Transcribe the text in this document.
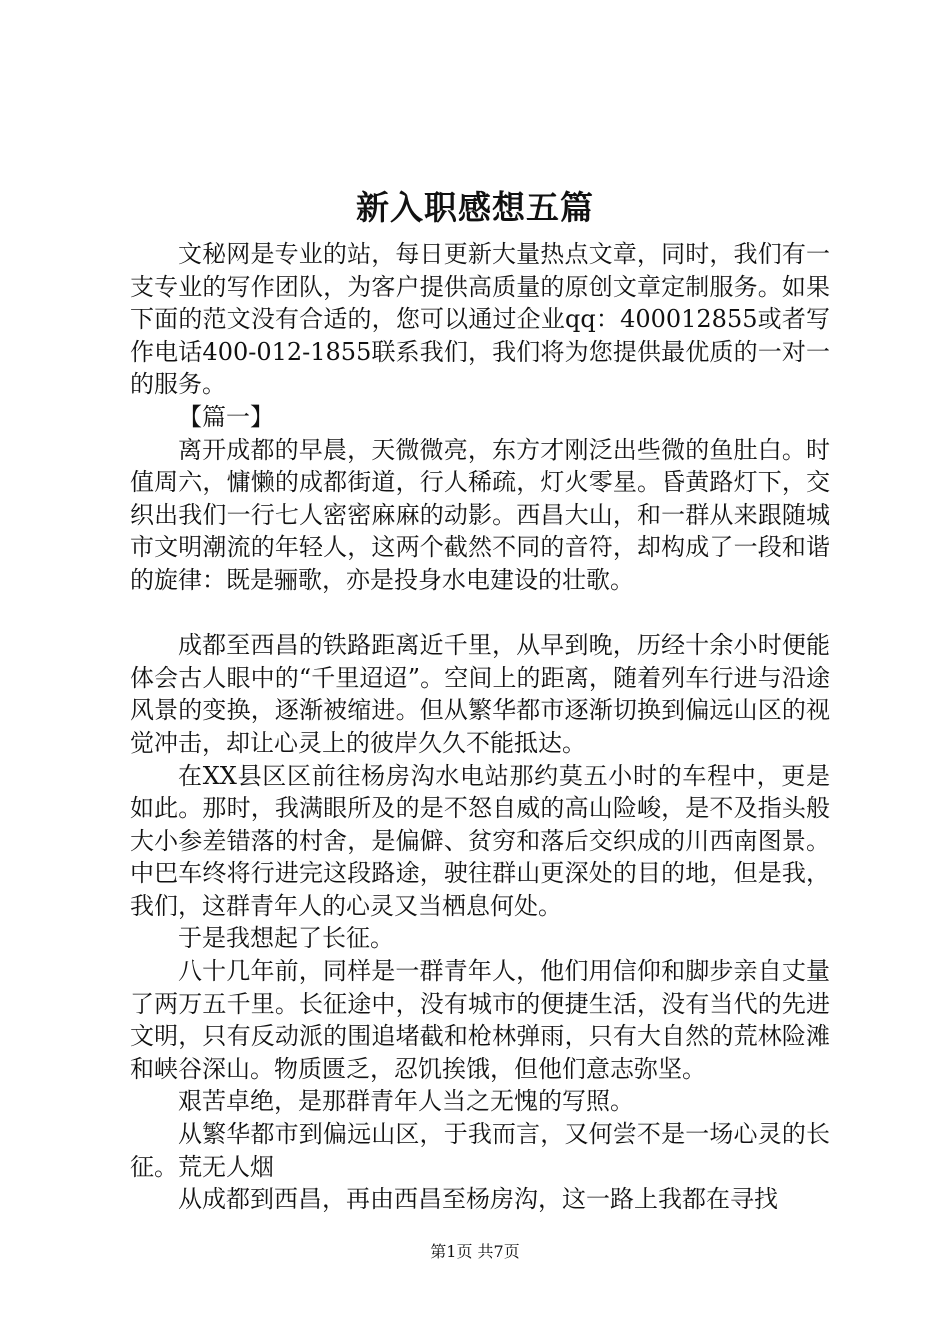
新入职感想五篇

文秘网是专业的站，每日更新大量热点文章，同时，我们有一支专业的写作团队，为客户提供高质量的原创文章定制服务。如果下面的范文没有合适的，您可以通过企业qq：400012855或者写作电话400-012-1855联系我们，我们将为您提供最优质的一对一的服务。

【篇一】

离开成都的早晨，天微微亮，东方才刚泛出些微的鱼肚白。时值周六，慵懒的成都街道，行人稀疏，灯火零星。昏黄路灯下，交织出我们一行七人密密麻麻的动影。西昌大山，和一群从来跟随城市文明潮流的年轻人，这两个截然不同的音符，却构成了一段和谐的旋律：既是骊歌，亦是投身水电建设的壮歌。

成都至西昌的铁路距离近千里，从早到晚，历经十余小时便能体会古人眼中的“千里迢迢”。空间上的距离，随着列车行进与沿途风景的变换，逐渐被缩进。但从繁华都市逐渐切换到偏远山区的视觉冲击，却让心灵上的彼岸久久不能抵达。

在XX县区区前往杨房沟水电站那约莫五小时的车程中，更是如此。那时，我满眼所及的是不怒自威的高山险峻，是不及指头般大小参差错落的村舍，是偏僻、贫穷和落后交织成的川西南图景。中巴车终将行进完这段路途，驶往群山更深处的目的地，但是我，我们，这群青年人的心灵又当栖息何处。

于是我想起了长征。

八十几年前，同样是一群青年人，他们用信仰和脚步亲自丈量了两万五千里。长征途中，没有城市的便捷生活，没有当代的先进文明，只有反动派的围追堵截和枪林弹雨，只有大自然的荒林险滩和峡谷深山。物质匮乏，忍饥挨饿，但他们意志弥坚。

艰苦卓绝，是那群青年人当之无愧的写照。

从繁华都市到偏远山区，于我而言，又何尝不是一场心灵的长征。荒无人烟

从成都到西昌，再由西昌至杨房沟，这一路上我都在寻找

第1页 共7页
